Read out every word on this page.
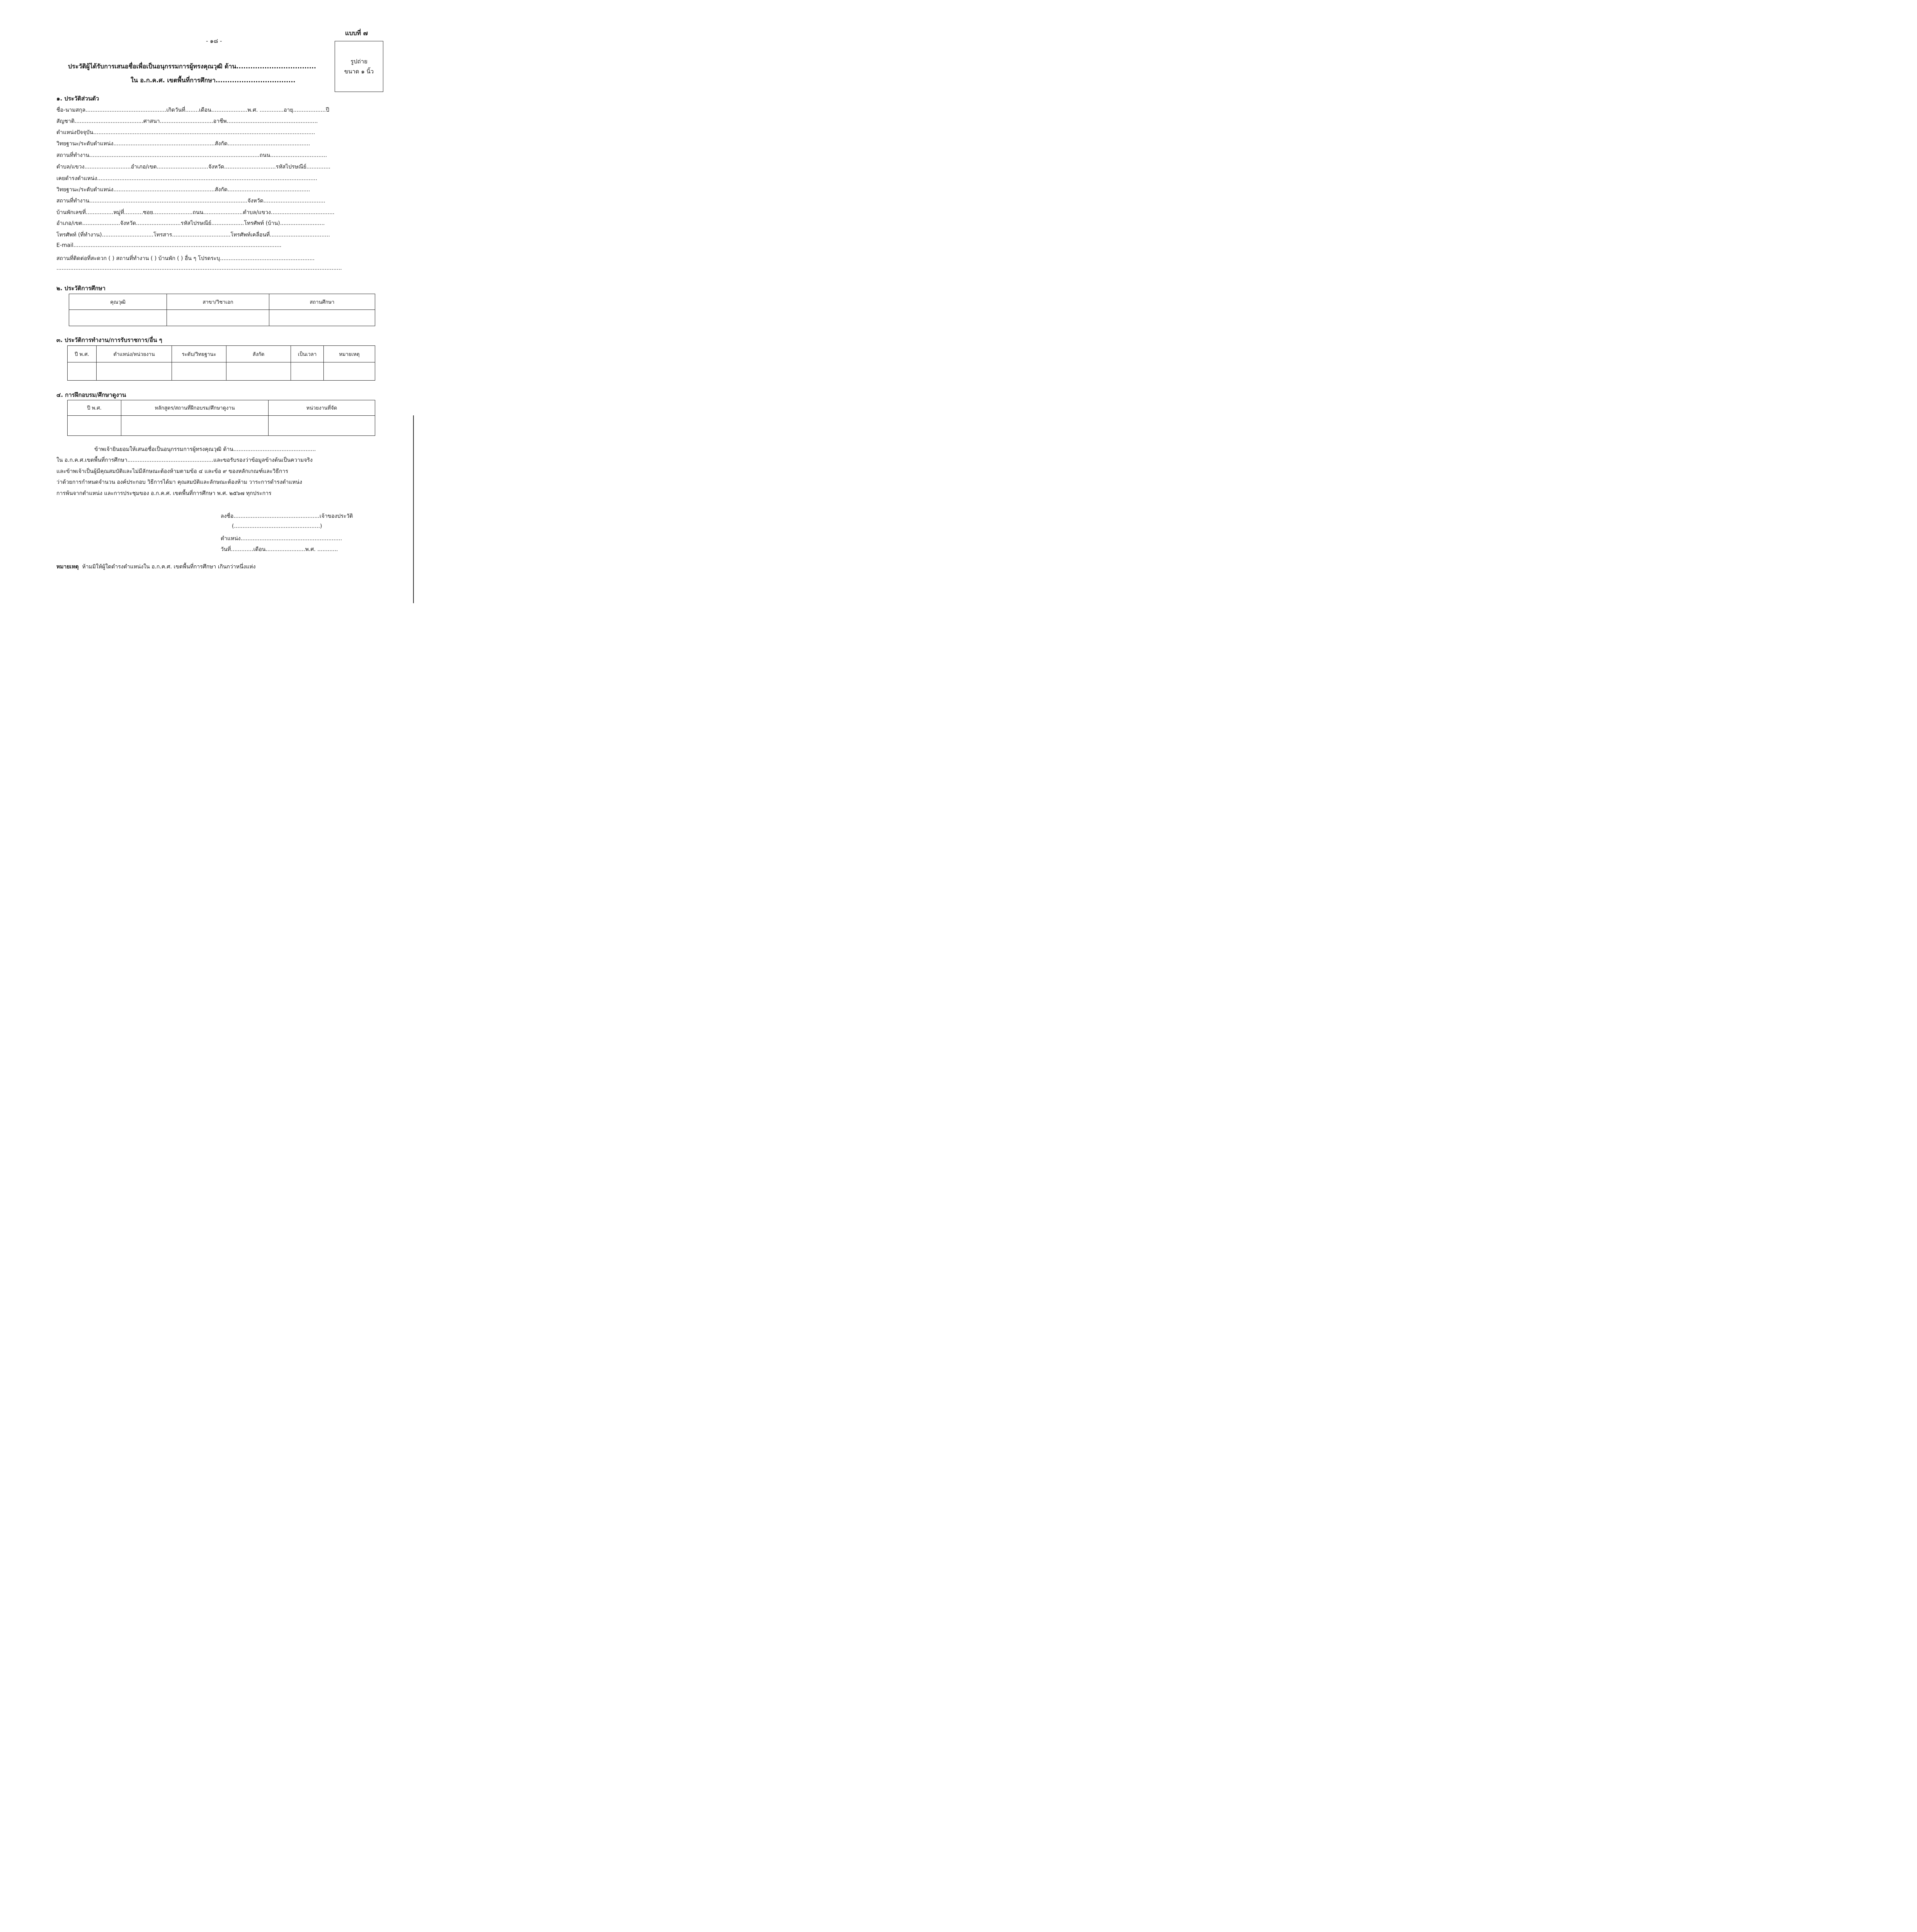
แบบที่ ๗
- ๑๘ -
รูปถ่าย
ขนาด ๑ นิ้ว
ประวัติผู้ได้รับการเสนอชื่อเพื่อเป็นอนุกรรมการผู้ทรงคุณวุฒิ ด้าน..................................
ใน อ.ก.ค.ศ. เขตพื้นที่การศึกษา..................................
๑. ประวัติส่วนตัว
ชื่อ-นามสกุล...............................................เกิดวันที่........เดือน.....................พ.ศ. ..............อายุ...................ปี
สัญชาติ........................................ศาสนา...............................อาชีพ.....................................................
ตำแหน่งปัจจุบัน.................................................................................................................................
วิทยฐานะ/ระดับตำแหน่ง...........................................................สังกัด................................................
สถานที่ทำงาน...................................................................................................ถนน.................................
ตำบล/แขวง...........................อำเภอ/เขต..............................จังหวัด..............................รหัสไปรษณีย์..............
เคยดำรงตำแหน่ง................................................................................................................................
วิทยฐานะ/ระดับตำแหน่ง...........................................................สังกัด................................................
สถานที่ทำงาน............................................................................................จังหวัด....................................
บ้านพักเลขที่................หมู่ที่...........ซอย.......................ถนน.......................ตำบล/แขวง.....................................
อำเภอ/เขต......................จังหวัด..........................รหัสไปรษณีย์...................โทรศัพท์ (บ้าน)..........................
โทรศัพท์ (ที่ทำงาน)..............................โทรสาร..................................โทรศัพท์เคลื่อนที่...................................
E-mail.........................................................................................................................
สถานที่ติดต่อที่สะดวก ( ) สถานที่ทำงาน ( ) บ้านพัก ( ) อื่น ๆ โปรดระบุ.......................................................
......................................................................................................................................................................
๒. ประวัติการศึกษา
คุณวุฒิ	สาขา/วิชาเอก	สถานศึกษา

๓. ประวัติการทำงาน/การรับราชการ/อื่น ๆ
ปี พ.ศ.	ตำแหน่ง/หน่วยงาน	ระดับ/วิทยฐานะ	สังกัด	เป็นเวลา	หมายเหตุ

๔. การฝึกอบรม/ศึกษาดูงาน
ปี พ.ศ.	หลักสูตร/สถานที่ฝึกอบรม/ศึกษาดูงาน	หน่วยงานที่จัด

ข้าพเจ้ายินยอมให้เสนอชื่อเป็นอนุกรรมการผู้ทรงคุณวุฒิ ด้าน................................................
ใน อ.ก.ค.ศ.เขตพื้นที่การศึกษา..................................................และขอรับรองว่าข้อมูลข้างต้นเป็นความจริง
และข้าพเจ้าเป็นผู้มีคุณสมบัติและไม่มีลักษณะต้องห้ามตามข้อ ๔ และข้อ ๙ ของหลักเกณฑ์และวิธีการ
ว่าด้วยการกำหนดจำนวน องค์ประกอบ วิธีการได้มา คุณสมบัติและลักษณะต้องห้าม วาระการดำรงตำแหน่ง
การพ้นจากตำแหน่ง และการประชุมของ อ.ก.ค.ศ. เขตพื้นที่การศึกษา พ.ศ. ๒๕๖๗ ทุกประการ
ลงชื่อ..................................................เจ้าของประวัติ
(..................................................)
ตำแหน่ง...........................................................
วันที่.............เดือน.......................พ.ศ. ............
หมายเหตุ ห้ามมิให้ผู้ใดดำรงตำแหน่งใน อ.ก.ค.ศ. เขตพื้นที่การศึกษา เกินกว่าหนึ่งแห่ง
